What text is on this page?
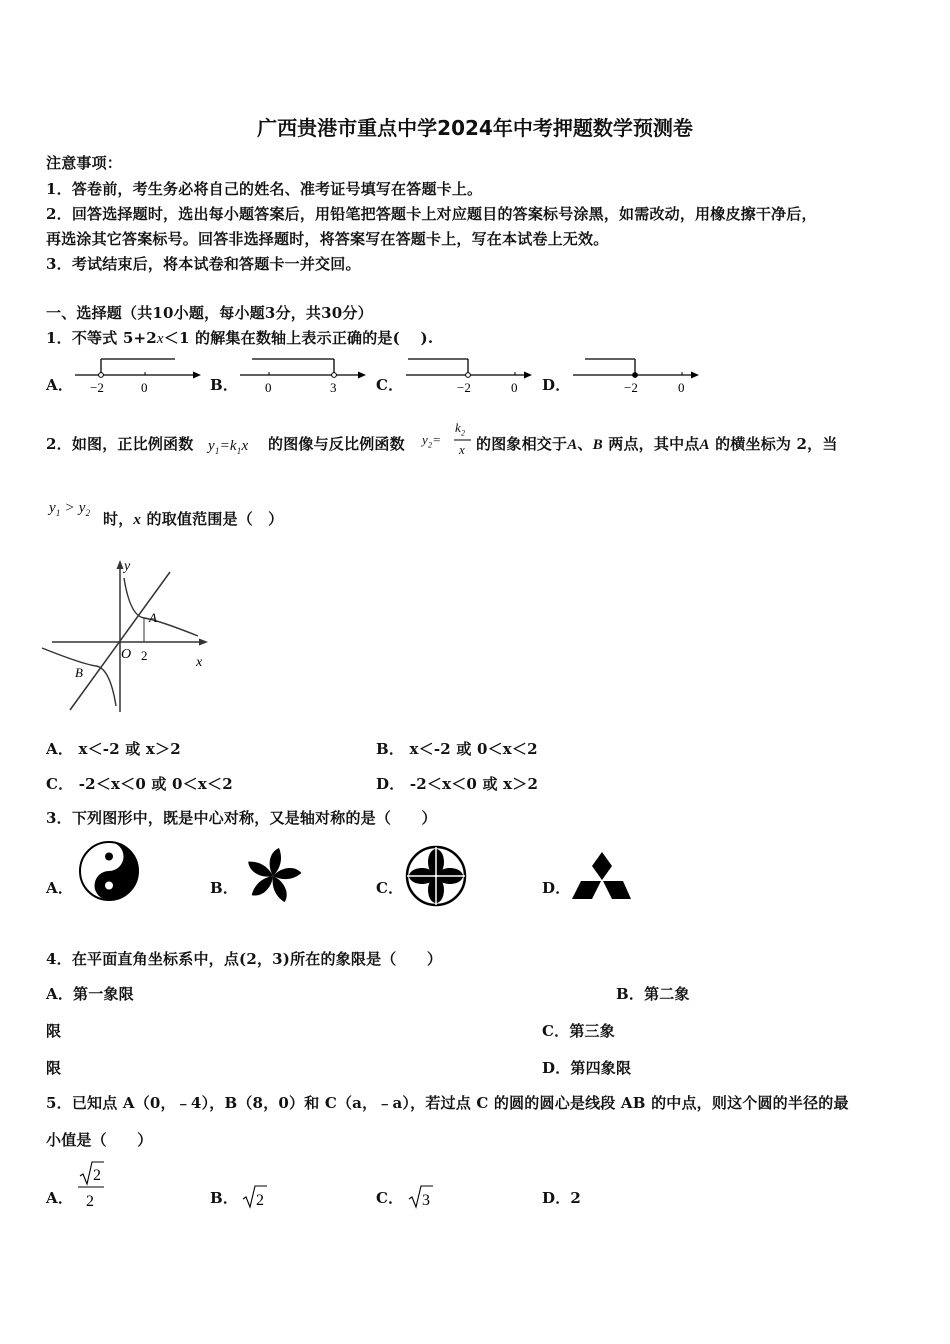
广西贵港市重点中学2024年中考押题数学预测卷
注意事项：
1．答卷前，考生务必将自己的姓名、准考证号填写在答题卡上。
2．回答选择题时，选出每小题答案后，用铅笔把答题卡上对应题目的答案标号涂黑，如需改动，用橡皮擦干净后，
再选涂其它答案标号。回答非选择题时，将答案写在答题卡上，写在本试卷上无效。
3．考试结束后，将本试卷和答题卡一并交回。
一、选择题（共10小题，每小题3分，共30分）
1．不等式 5+2x＜1 的解集在数轴上表示正确的是(　 ).
A． −2	0	B． 0	3	C．	−2	0 D．	−2	0
2．如图，正比例函数 $y_1=k_1x$ 的图像与反比例函数 $y_2=$
$k_2$
x 的图象相交于A、B 两点，其中点A 的横坐标为 2，当
$y_1 > y_2$ 时，x 的取值范围是（　）
y
x
O 2
A
B
A． x＜-2 或 x＞2	B． x＜-2 或 0＜x＜2
C． -2＜x＜0 或 0＜x＜2	D． -2＜x＜0 或 x＞2
3．下列图形中，既是中心对称，又是轴对称的是（　　）
A．	B．	C．	D．
4．在平面直角坐标系中，点(2，3)所在的象限是（　　）
A．第一象限	B．第二象
限	C．第三象
限	D．第四象限
5．已知点 A（0，﹣4），B（8，0）和 C（a，﹣a），若过点 C 的圆的圆心是线段 AB 的中点，则这个圆的半径的最
小值是（　　）
A．
2
2	B． 2	C． 3	D．2
